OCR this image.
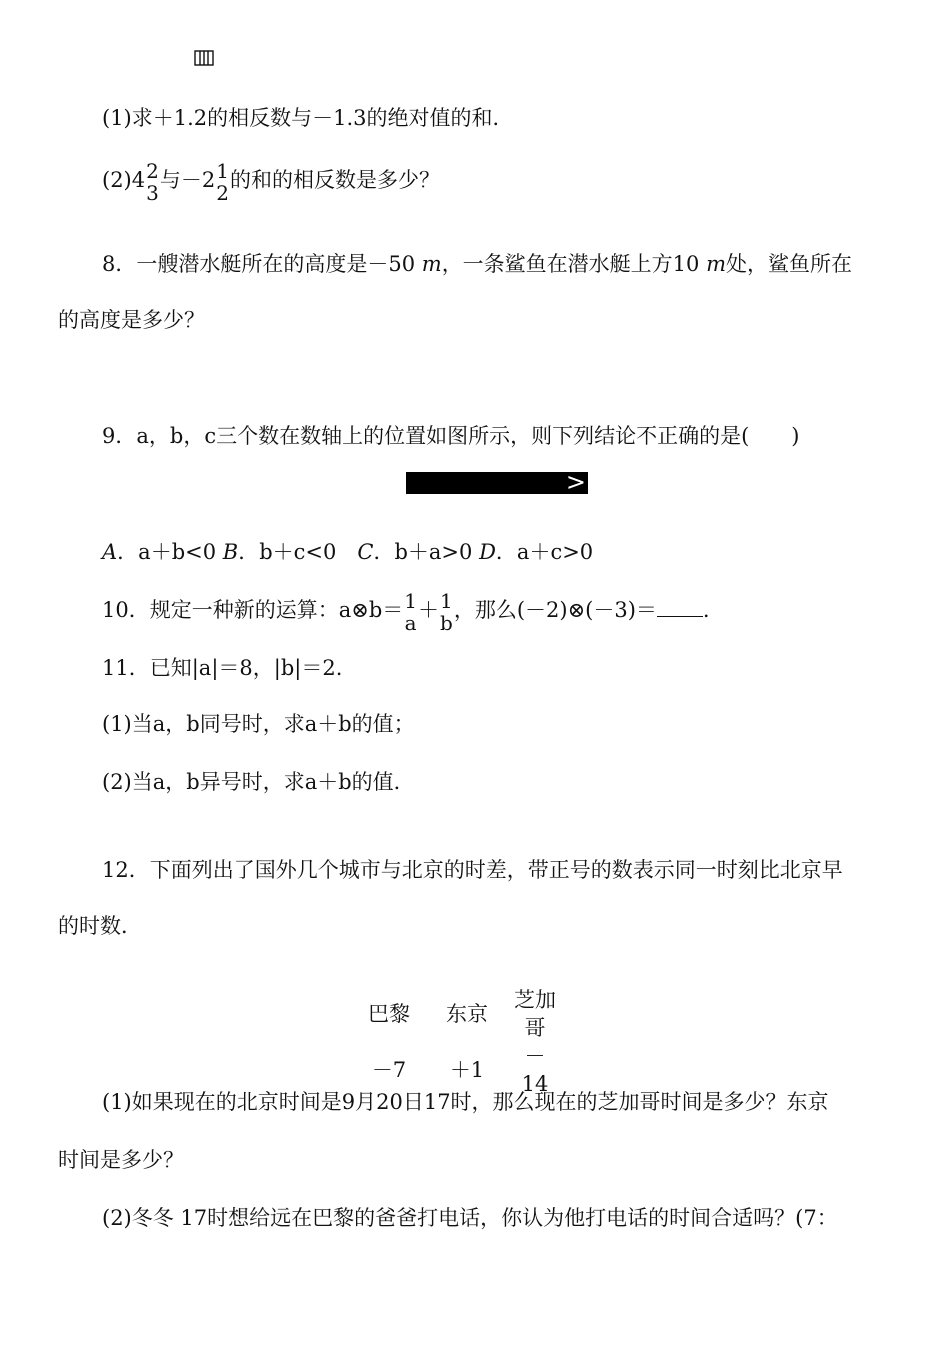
(1)求＋1.2的相反数与－1.3的绝对值的和．
(2)4 2
3
与－2 1
2
的和的相反数是多少？
8．一艘潜水艇所在的高度是－50 m，一条鲨鱼在潜水艇上方10 m处，鲨鱼所在
的高度是多少？
9．a，b，c三个数在数轴上的位置如图所示，则下列结论不正确的是(　　)
>
A．a＋b<0 B．b＋c<0　C．b＋a>0 D．a＋c>0
10．规定一种新的运算：a⊗b＝ 1
a
＋ 1
b
，那么(－2)⊗(－3)＝ .
11．已知|a|＝8，|b|＝2.
(1)当a，b同号时，求a＋b的值；
(2)当a，b异号时，求a＋b的值．
12．下面列出了国外几个城市与北京的时差，带正号的数表示同一时刻比北京早
的时数．
巴黎	东京	芝加哥
－7	＋1	－14
(1)如果现在的北京时间是9月20日17时，那么现在的芝加哥时间是多少？东京
时间是多少？
(2)冬冬 17时想给远在巴黎的爸爸打电话，你认为他打电话的时间合适吗？(7：
